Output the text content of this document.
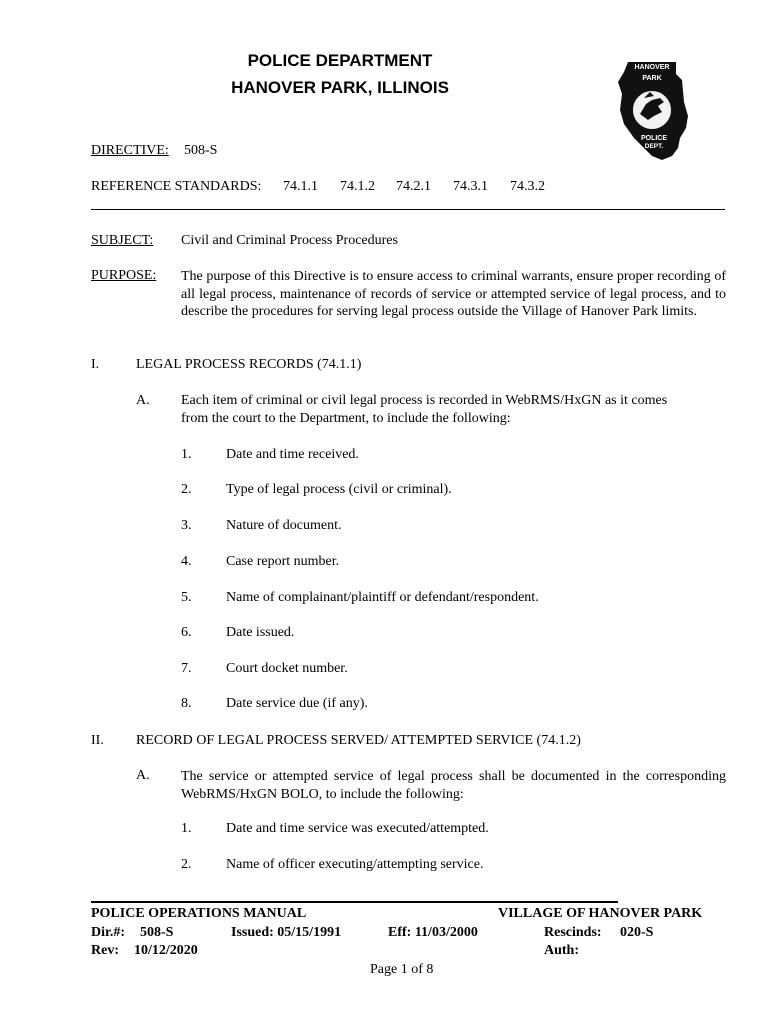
POLICE DEPARTMENT
HANOVER PARK, ILLINOIS
HANOVER
PARK
POLICE
DEPT.
DIRECTIVE: 508-S
REFERENCE STANDARDS: 74.1.1 74.1.2 74.2.1 74.3.1 74.3.2
SUBJECT: Civil and Criminal Process Procedures
PURPOSE: The purpose of this Directive is to ensure access to criminal warrants, ensure proper recording of all legal process, maintenance of records of service or attempted service of legal process, and to describe the procedures for serving legal process outside the Village of Hanover Park limits.
I.	LEGAL PROCESS RECORDS (74.1.1)
A. Each item of criminal or civil legal process is recorded in WebRMS/HxGN as it comes
from the court to the Department, to include the following:
1. Date and time received.
2. Type of legal process (civil or criminal).
3. Nature of document.
4. Case report number.
5. Name of complainant/plaintiff or defendant/respondent.
6. Date issued.
7. Court docket number.
8. Date service due (if any).
II. RECORD OF LEGAL PROCESS SERVED/ ATTEMPTED SERVICE (74.1.2)
A. The service or attempted service of legal process shall be documented in the corresponding WebRMS/HxGN BOLO, to include the following:
1. Date and time service was executed/attempted.
2. Name of officer executing/attempting service.
POLICE OPERATIONS MANUAL	VILLAGE OF HANOVER PARK
Dir.#: 508-S	Issued: 05/15/1991	Eff: 11/03/2000	Rescinds: 020-S
Rev: 10/12/2020	Auth:
Page 1 of 8
